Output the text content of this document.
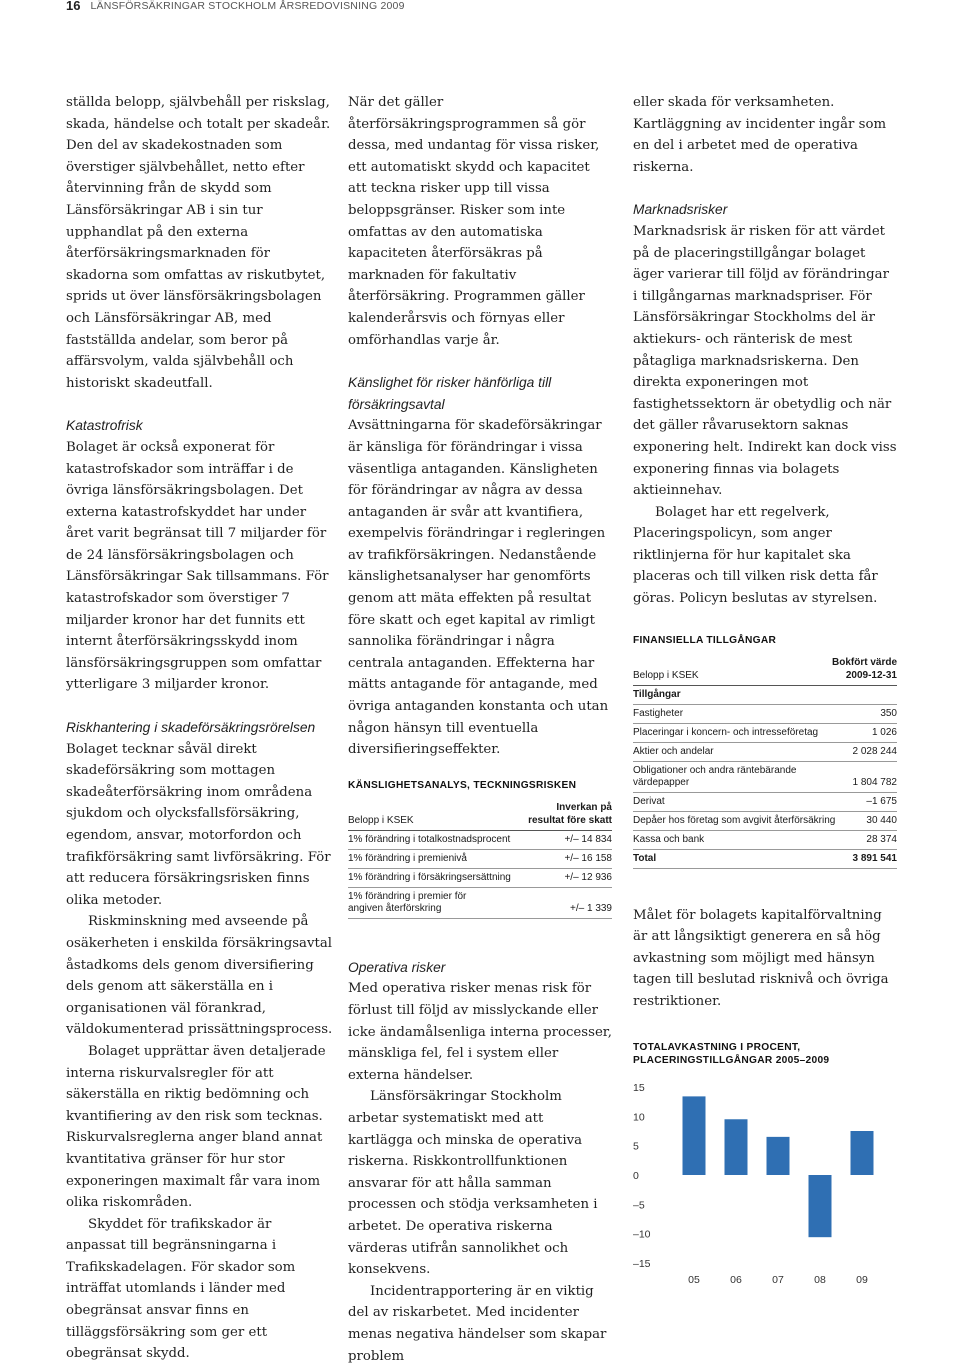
16 LÄNSFÖRSÄKRINGAR STOCKHOLM ÅRSREDOVISNING 2009

ställda belopp, självbehåll per riskslag, skada, händelse och totalt per skadeår. Den del av skadekostnaden som överstiger självbehållet, netto efter återvinning från de skydd som Länsförsäkringar AB i sin tur upphandlat på den externa återförsäkringsmarknaden för skadorna som omfattas av riskutbytet, sprids ut över länsförsäkringsbolagen och Länsförsäkringar AB, med fastställda andelar, som beror på affärsvolym, valda självbehåll och historiskt skadeutfall.

Katastrofrisk

Bolaget är också exponerat för katastrofskador som inträffar i de övriga länsförsäkringsbolagen. Det externa katastrofskyddet har under året varit begränsat till 7 miljarder för de 24 länsförsäkringsbolagen och Länsförsäkringar Sak tillsammans. För katastrofskador som överstiger 7 miljarder kronor har det funnits ett internt återförsäkringsskydd inom länsförsäkringsgruppen som omfattar ytterligare 3 miljarder kronor.

Riskhantering i skadeförsäkringsrörelsen

Bolaget tecknar såväl direkt skadeförsäkring som mottagen skadeåterförsäkring inom områdena sjukdom och olycksfallsförsäkring, egendom, ansvar, motorfordon och trafikförsäkring samt livförsäkring. För att reducera försäkringsrisken finns olika metoder.

Riskminskning med avseende på osäkerheten i enskilda försäkringsavtal åstadkoms dels genom diversifiering dels genom att säkerställa en i organisationen väl förankrad, väldokumenterad prissättningsprocess.

Bolaget upprättar även detaljerade interna riskurvalsregler för att säkerställa en riktig bedömning och kvantifiering av den risk som tecknas. Riskurvalsreglerna anger bland annat kvantitativa gränser för hur stor exponeringen maximalt får vara inom olika riskområden.

Skyddet för trafikskador är anpassat till begränsningarna i Trafikskadelagen. För skador som inträffat utomlands i länder med obegränsat ansvar finns en tilläggsförsäkring som ger ett obegränsat skydd.

När det gäller återförsäkringsprogrammen så gör dessa, med undantag för vissa risker, ett automatiskt skydd och kapacitet att teckna risker upp till vissa beloppsgränser. Risker som inte omfattas av den automatiska kapaciteten återförsäkras på marknaden för fakultativ återförsäkring. Programmen gäller kalenderårsvis och förnyas eller omförhandlas varje år.

Känslighet för risker hänförliga till försäkringsavtal

Avsättningarna för skadeförsäkringar är känsliga för förändringar i vissa väsentliga antaganden. Känsligheten för förändringar av några av dessa antaganden är svår att kvantifiera, exempelvis förändringar i regleringen av trafikförsäkringen. Nedanstående känslighetsanalyser har genomförts genom att mäta effekten på resultat före skatt och eget kapital av rimligt sannolika förändringar i några centrala antaganden. Effekterna har mätts antagande för antagande, med övriga antaganden konstanta och utan någon hänsyn till eventuella diversifieringseffekter.

KÄNSLIGHETSANALYS, TECKNINGSRISKEN
Belopp i KSEK
Inverkan på
resultat före skatt
1% förändring i totalkostnadsprocent	+/– 14 834
1% förändring i premienivå	+/– 16 158
1% förändring i försäkringsersättning	+/– 12 936
1% förändring i premier för
angiven återförskring	+/– 1 339
Operativa risker

Med operativa risker menas risk för förlust till följd av misslyckande eller icke ändamålsenliga interna processer, mänskliga fel, fel i system eller externa händelser.

Länsförsäkringar Stockholm arbetar systematiskt med att kartlägga och minska de operativa riskerna. Riskkontrollfunktionen ansvarar för att hålla samman processen och stödja verksamheten i arbetet. De operativa riskerna värderas utifrån sannolikhet och konsekvens.

Incidentrapportering är en viktig del av riskarbetet. Med incidenter menas negativa händelser som skapar problem

eller skada för verksamheten. Kartläggning av incidenter ingår som en del i arbetet med de operativa riskerna.

Marknadsrisker

Marknadsrisk är risken för att värdet på de placeringstillgångar bolaget äger varierar till följd av förändringar i tillgångarnas marknadspriser. För Länsförsäkringar Stockholms del är aktiekurs- och ränterisk de mest påtagliga marknadsriskerna. Den direkta exponeringen mot fastighetssektorn är obetydlig och när det gäller råvarusektorn saknas exponering helt. Indirekt kan dock viss exponering finnas via bolagets aktieinnehav.

Bolaget har ett regelverk, Placeringspolicyn, som anger riktlinjerna för hur kapitalet ska placeras och till vilken risk detta får göras. Policyn beslutas av styrelsen.

FINANSIELLA TILLGÅNGAR
Belopp i KSEK
Bokfört värde
2009-12-31
Tillgångar
Fastigheter	350
Placeringar i koncern- och intresseföretag	1 026
Aktier och andelar	2 028 244
Obligationer och andra räntebärande
värdepapper	1 804 782
Derivat	–1 675
Depåer hos företag som avgivit återförsäkring	30 440
Kassa och bank	28 374
Total	3 891 541

Målet för bolagets kapitalförvaltning är att långsiktigt generera en så hög avkastning som möjligt med hänsyn tagen till beslutad risknivå och övriga restriktioner.

TOTALAVKASTNING I PROCENT,
PLACERINGSTILLGÅNGAR 2005–2009
15
10
5
0
–5
–10
–15
05	06	07	08	09
